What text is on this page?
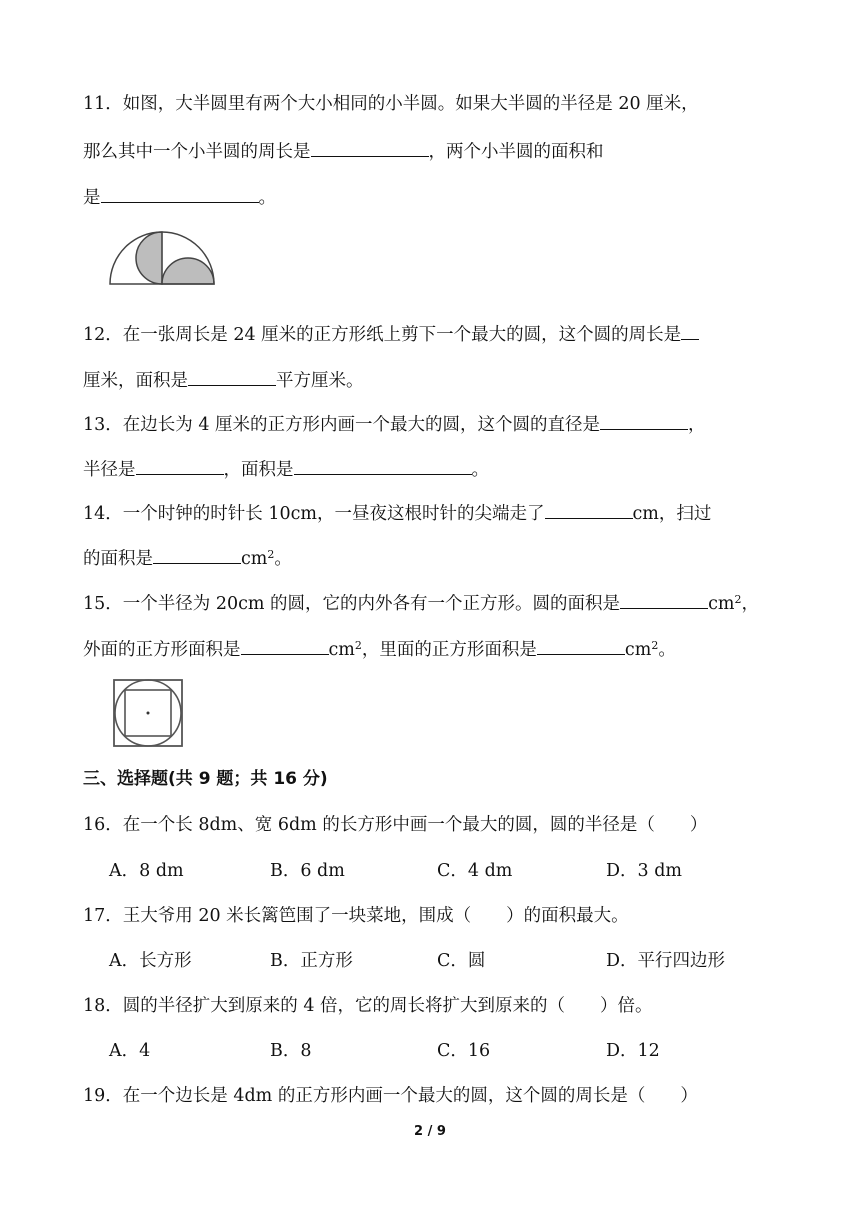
11．如图，大半圆里有两个大小相同的小半圆。如果大半圆的半径是 20 厘米，
那么其中一个小半圆的周长是	，两个小半圆的面积和
是	。
12．在一张周长是 24 厘米的正方形纸上剪下一个最大的圆，这个圆的周长是
厘米，面积是	平方厘米。
13．在边长为 4 厘米的正方形内画一个最大的圆，这个圆的直径是	，
半径是	，面积是	。
14．一个时钟的时针长 10cm，一昼夜这根时针的尖端走了	cm，扫过
的面积是	$cm^2$。
15．一个半径为 20cm 的圆，它的内外各有一个正方形。圆的面积是	$cm^2$，
外面的正方形面积是	$cm^2$，里面的正方形面积是	$cm^2$。
三、选择题(共 9 题；共 16 分)
16．在一个长 8dm、宽 6dm 的长方形中画一个最大的圆，圆的半径是（　　）
A．8 dm	B．6 dm	C．4 dm	D．3 dm
17．王大爷用 20 米长篱笆围了一块菜地，围成（　　）的面积最大。
A．长方形	B．正方形	C．圆	D．平行四边形
18．圆的半径扩大到原来的 4 倍，它的周长将扩大到原来的（　　）倍。
A．4	B．8	C．16	D．12
19．在一个边长是 4dm 的正方形内画一个最大的圆，这个圆的周长是（　　）
2 / 9
